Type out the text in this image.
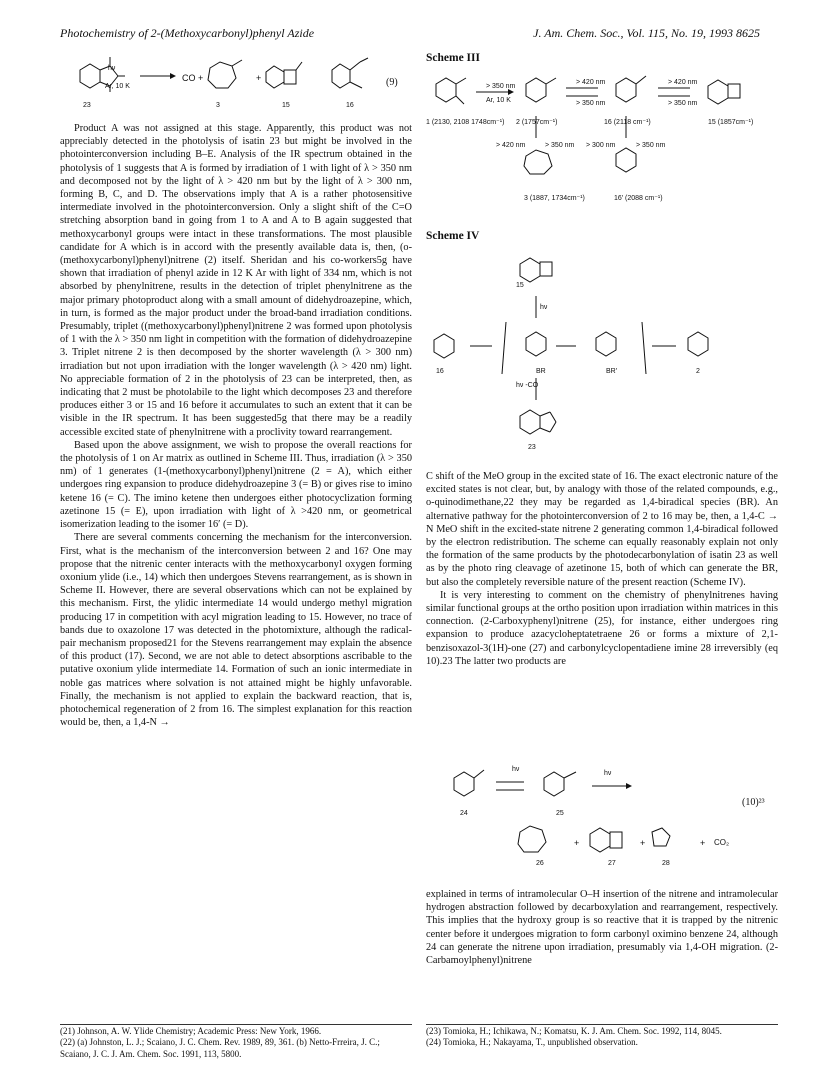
Photochemistry of 2-(Methoxycarbonyl)phenyl Azide	J. Am. Chem. Soc., Vol. 115, No. 19, 1993 8625
hν
Ar, 10 K
CO +	+
23	3	15	16
(9)

Product A was not assigned at this stage. Apparently, this product was not appreciably detected in the photolysis of isatin 23 but might be involved in the photointerconversion including B–E. Analysis of the IR spectrum obtained in the photolysis of 1 suggests that A is formed by irradiation of 1 with light of λ > 350 nm and decomposed not by the light of λ > 420 nm but by the light of λ > 300 nm, forming B, C, and D. The observations imply that A is a rather photosensitive intermediate involved in the photointerconversion. Only a slight shift of the C=O stretching absorption band in going from 1 to A and A to B again suggested that methoxycarbonyl groups were intact in these transformations. The most plausible candidate for A which is in accord with the presently available data is, then, (o-(methoxycarbonyl)phenyl)nitrene (2) itself. Sheridan and his co-workers5g have shown that irradiation of phenyl azide in 12 K Ar with light of 334 nm, which is not absorbed by phenylnitrene, results in the detection of triplet phenylnitrene as the major primary photoproduct along with a small amount of didehydroazepine, which, in turn, is formed as the major product under the broad-band irradiation conditions. Presumably, triplet ((methoxycarbonyl)phenyl)nitrene 2 was formed upon photolysis of 1 with the λ > 350 nm light in competition with the formation of didehydroazepine 3. Triplet nitrene 2 is then decomposed by the shorter wavelength (λ > 300 nm) irradiation but not upon irradiation with the longer wavelength (λ > 420 nm) light. No appreciable formation of 2 in the photolysis of 23 can be interpreted, then, as indicating that 2 must be photolabile to the light which decomposes 23 and therefore produces either 3 or 15 and 16 before it accumulates to such an extent that it can be visible in the IR spectrum. It has been suggested5g that there may be a readily accessible excited state of phenylnitrene with a proclivity toward rearrangement.

Based upon the above assignment, we wish to propose the overall reactions for the photolysis of 1 on Ar matrix as outlined in Scheme III. Thus, irradiation (λ > 350 nm) of 1 generates (1-(methoxycarbonyl)phenyl)nitrene (2 = A), which either undergoes ring expansion to produce didehydroazepine 3 (= B) or gives rise to imino ketene 16 (= C). The imino ketene then undergoes either photocyclization forming azetinone 15 (= E), upon irradiation with light of λ >420 nm, or geometrical isomerization leading to the isomer 16′ (= D).

There are several comments concerning the mechanism for the interconversion. First, what is the mechanism of the interconversion between 2 and 16? One may propose that the nitrenic center interacts with the methoxycarbonyl oxygen forming oxonium ylide (i.e., 14) which then undergoes Stevens rearrangement, as is shown in Scheme II. However, there are several observations which can not be explained by this mechanism. First, the ylidic intermediate 14 would undergo methyl migration producing 17 in competition with acyl migration leading to 15. However, no trace of bands due to oxazolone 17 was detected in the photomixture, although the radical-pair mechanism proposed21 for the Stevens rearrangement may explain the absence of this product (17). Second, we are not able to detect absorptions ascribable to the putative oxonium ylide intermediate 14. Formation of such an ionic intermediate in noble gas matrices where solvation is not attained might be highly unfavorable. Finally, the mechanism is not applied to explain the backward reaction, that is, photochemical regeneration of 2 from 16. The simplest explanation for this reaction would be, then, a 1,4-N →

(21) Johnson, A. W. Ylide Chemistry; Academic Press: New York, 1966.
(22) (a) Johnston, L. J.; Scaiano, J. C. Chem. Rev. 1989, 89, 361. (b) Netto-Frreira, J. C.; Scaiano, J. C. J. Am. Chem. Soc. 1991, 113, 5800.
Scheme III
> 350 nm
Ar, 10 K
> 420 nm
> 350 nm
> 420 nm
> 350 nm
1 (2130, 2108 1748cm⁻¹) 2 (1757cm⁻¹)	16 (2118 cm⁻¹)	15 (1857cm⁻¹)
> 420 nm	> 350 nm > 300 nm	> 350 nm
3 (1887, 1734cm⁻¹)	16′ (2088 cm⁻¹)
Scheme IV
15
hν
16	BR	BR′	2
hν -CO
23

C shift of the MeO group in the excited state of 16. The exact electronic nature of the excited states is not clear, but, by analogy with those of the related compounds, e.g., o-quinodimethane,22 they may be regarded as 1,4-biradical species (BR). An alternative pathway for the photointerconversion of 2 to 16 may be, then, a 1,4-C → N MeO shift in the excited-state nitrene 2 generating common 1,4-biradical followed by the electron redistribution. The scheme can equally reasonably explain not only the formation of the same products by the photodecarbonylation of isatin 23 as well as by the photo ring cleavage of azetinone 15, both of which can generate the BR, but also the completely reversible nature of the present reaction (Scheme IV).

It is very interesting to comment on the chemistry of phenylnitrenes having similar functional groups at the ortho position upon irradiation within matrices in this connection. (2-Carboxyphenyl)nitrene (25), for instance, either undergoes ring expansion to produce azacycloheptatetraene 26 or forms a mixture of 2,1-benzisoxazol-3(1H)-one (27) and carbonylcyclopentadiene imine 28 irreversibly (eq 10).23 The latter two products are

hν
hν
24	25
26	27	28
+	+	+ CO₂
(10)²³

explained in terms of intramolecular O–H insertion of the nitrene and intramolecular hydrogen abstraction followed by decarboxylation and rearrangement, respectively. This implies that the hydroxy group is so reactive that it is trapped by the nitrenic center before it undergoes migration to form carbonyl oximino benzene 24, although 24 can generate the nitrene upon irradiation, presumably via 1,4-OH migration. (2-Carbamoylphenyl)nitrene

(23) Tomioka, H.; Ichikawa, N.; Komatsu, K. J. Am. Chem. Soc. 1992, 114, 8045.
(24) Tomioka, H.; Nakayama, T., unpublished observation.
